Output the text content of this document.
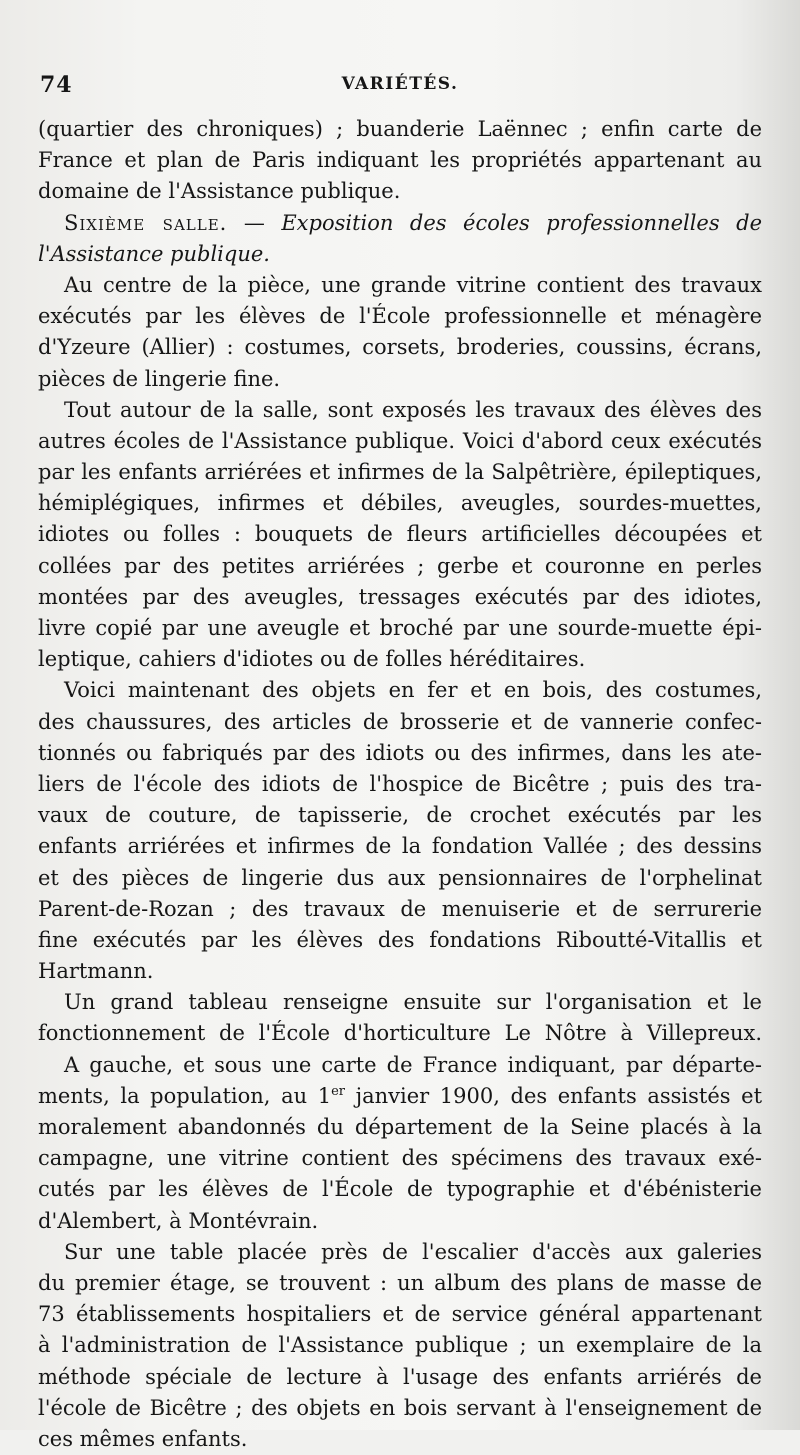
74	VARIÉTÉS.
(quartier des chroniques) ; buanderie Laënnec ; enfin carte de
France et plan de Paris indiquant les propriétés appartenant au
domaine de l'Assistance publique.
Sixième salle. — Exposition des écoles professionnelles de
l'Assistance publique.
Au centre de la pièce, une grande vitrine contient des travaux
exécutés par les élèves de l'École professionnelle et ménagère
d'Yzeure (Allier) : costumes, corsets, broderies, coussins, écrans,
pièces de lingerie fine.
Tout autour de la salle, sont exposés les travaux des élèves des
autres écoles de l'Assistance publique. Voici d'abord ceux exécutés
par les enfants arriérées et infirmes de la Salpêtrière, épileptiques,
hémiplégiques, infirmes et débiles, aveugles, sourdes-muettes,
idiotes ou folles : bouquets de fleurs artificielles découpées et
collées par des petites arriérées ; gerbe et couronne en perles
montées par des aveugles, tressages exécutés par des idiotes,
livre copié par une aveugle et broché par une sourde-muette épi-
leptique, cahiers d'idiotes ou de folles héréditaires.
Voici maintenant des objets en fer et en bois, des costumes,
des chaussures, des articles de brosserie et de vannerie confec-
tionnés ou fabriqués par des idiots ou des infirmes, dans les ate-
liers de l'école des idiots de l'hospice de Bicêtre ; puis des tra-
vaux de couture, de tapisserie, de crochet exécutés par les
enfants arriérées et infirmes de la fondation Vallée ; des dessins
et des pièces de lingerie dus aux pensionnaires de l'orphelinat
Parent-de-Rozan ; des travaux de menuiserie et de serrurerie
fine exécutés par les élèves des fondations Riboutté-Vitallis et
Hartmann.
Un grand tableau renseigne ensuite sur l'organisation et le
fonctionnement de l'École d'horticulture Le Nôtre à Villepreux.
A gauche, et sous une carte de France indiquant, par départe-
ments, la population, au 1er janvier 1900, des enfants assistés et
moralement abandonnés du département de la Seine placés à la
campagne, une vitrine contient des spécimens des travaux exé-
cutés par les élèves de l'École de typographie et d'ébénisterie
d'Alembert, à Montévrain.
Sur une table placée près de l'escalier d'accès aux galeries
du premier étage, se trouvent : un album des plans de masse de
73 établissements hospitaliers et de service général appartenant
à l'administration de l'Assistance publique ; un exemplaire de la
méthode spéciale de lecture à l'usage des enfants arriérés de
l'école de Bicêtre ; des objets en bois servant à l'enseignement de
ces mêmes enfants.
